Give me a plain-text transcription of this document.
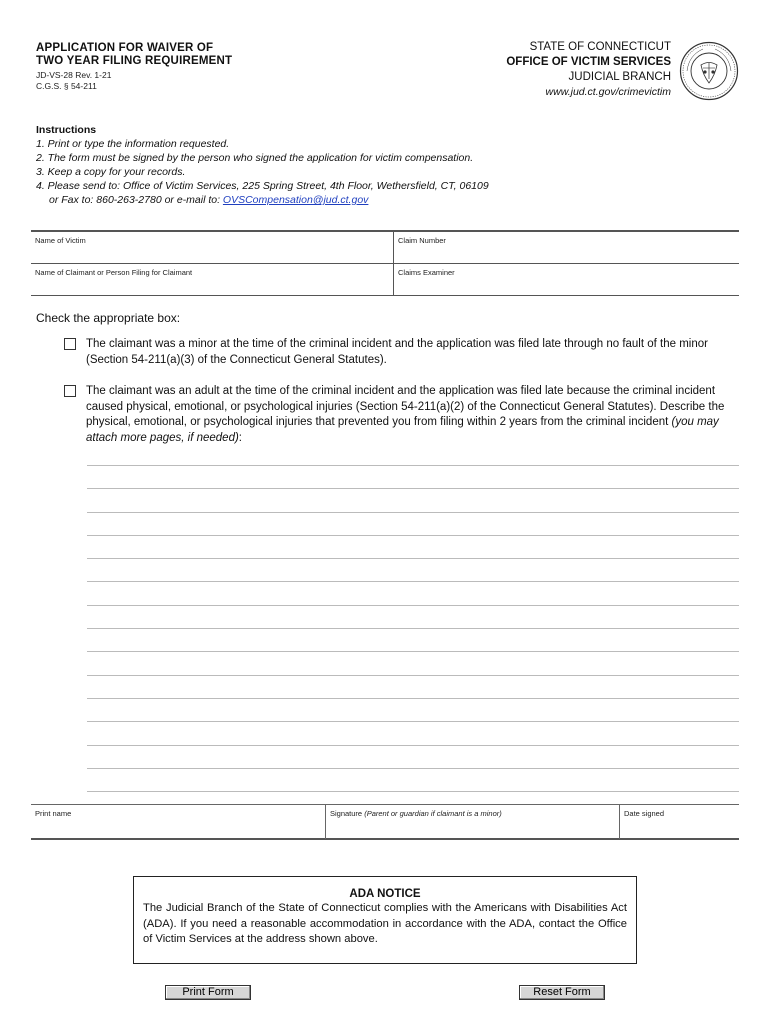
APPLICATION FOR WAIVER OF
TWO YEAR FILING REQUIREMENT
JD-VS-28 Rev. 1-21
C.G.S. § 54-211
STATE OF CONNECTICUT
OFFICE OF VICTIM SERVICES
JUDICIAL BRANCH
www.jud.ct.gov/crimevictim
Instructions
1. Print or type the information requested.
2. The form must be signed by the person who signed the application for victim compensation.
3. Keep a copy for your records.
4. Please send to: Office of Victim Services, 225 Spring Street, 4th Floor, Wethersfield, CT, 06109
or Fax to: 860-263-2780 or e-mail to: OVSCompensation@jud.ct.gov
Name of Victim	Claim Number
Name of Claimant or Person Filing for Claimant	Claims Examiner
Check the appropriate box:
The claimant was a minor at the time of the criminal incident and the application was filed late through no fault of the minor (Section 54-211(a)(3) of the Connecticut General Statutes).
The claimant was an adult at the time of the criminal incident and the application was filed late because the criminal incident caused physical, emotional, or psychological injuries (Section 54-211(a)(2) of the Connecticut General Statutes). Describe the physical, emotional, or psychological injuries that prevented you from filing within 2 years from the criminal incident (you may attach more pages, if needed):
Print name	Signature (Parent or guardian if claimant is a minor)	Date signed
ADA NOTICE
The Judicial Branch of the State of Connecticut complies with the Americans with Disabilities Act (ADA). If you need a reasonable accommodation in accordance with the ADA, contact the Office of Victim Services at the address shown above.
Print Form	Reset Form
